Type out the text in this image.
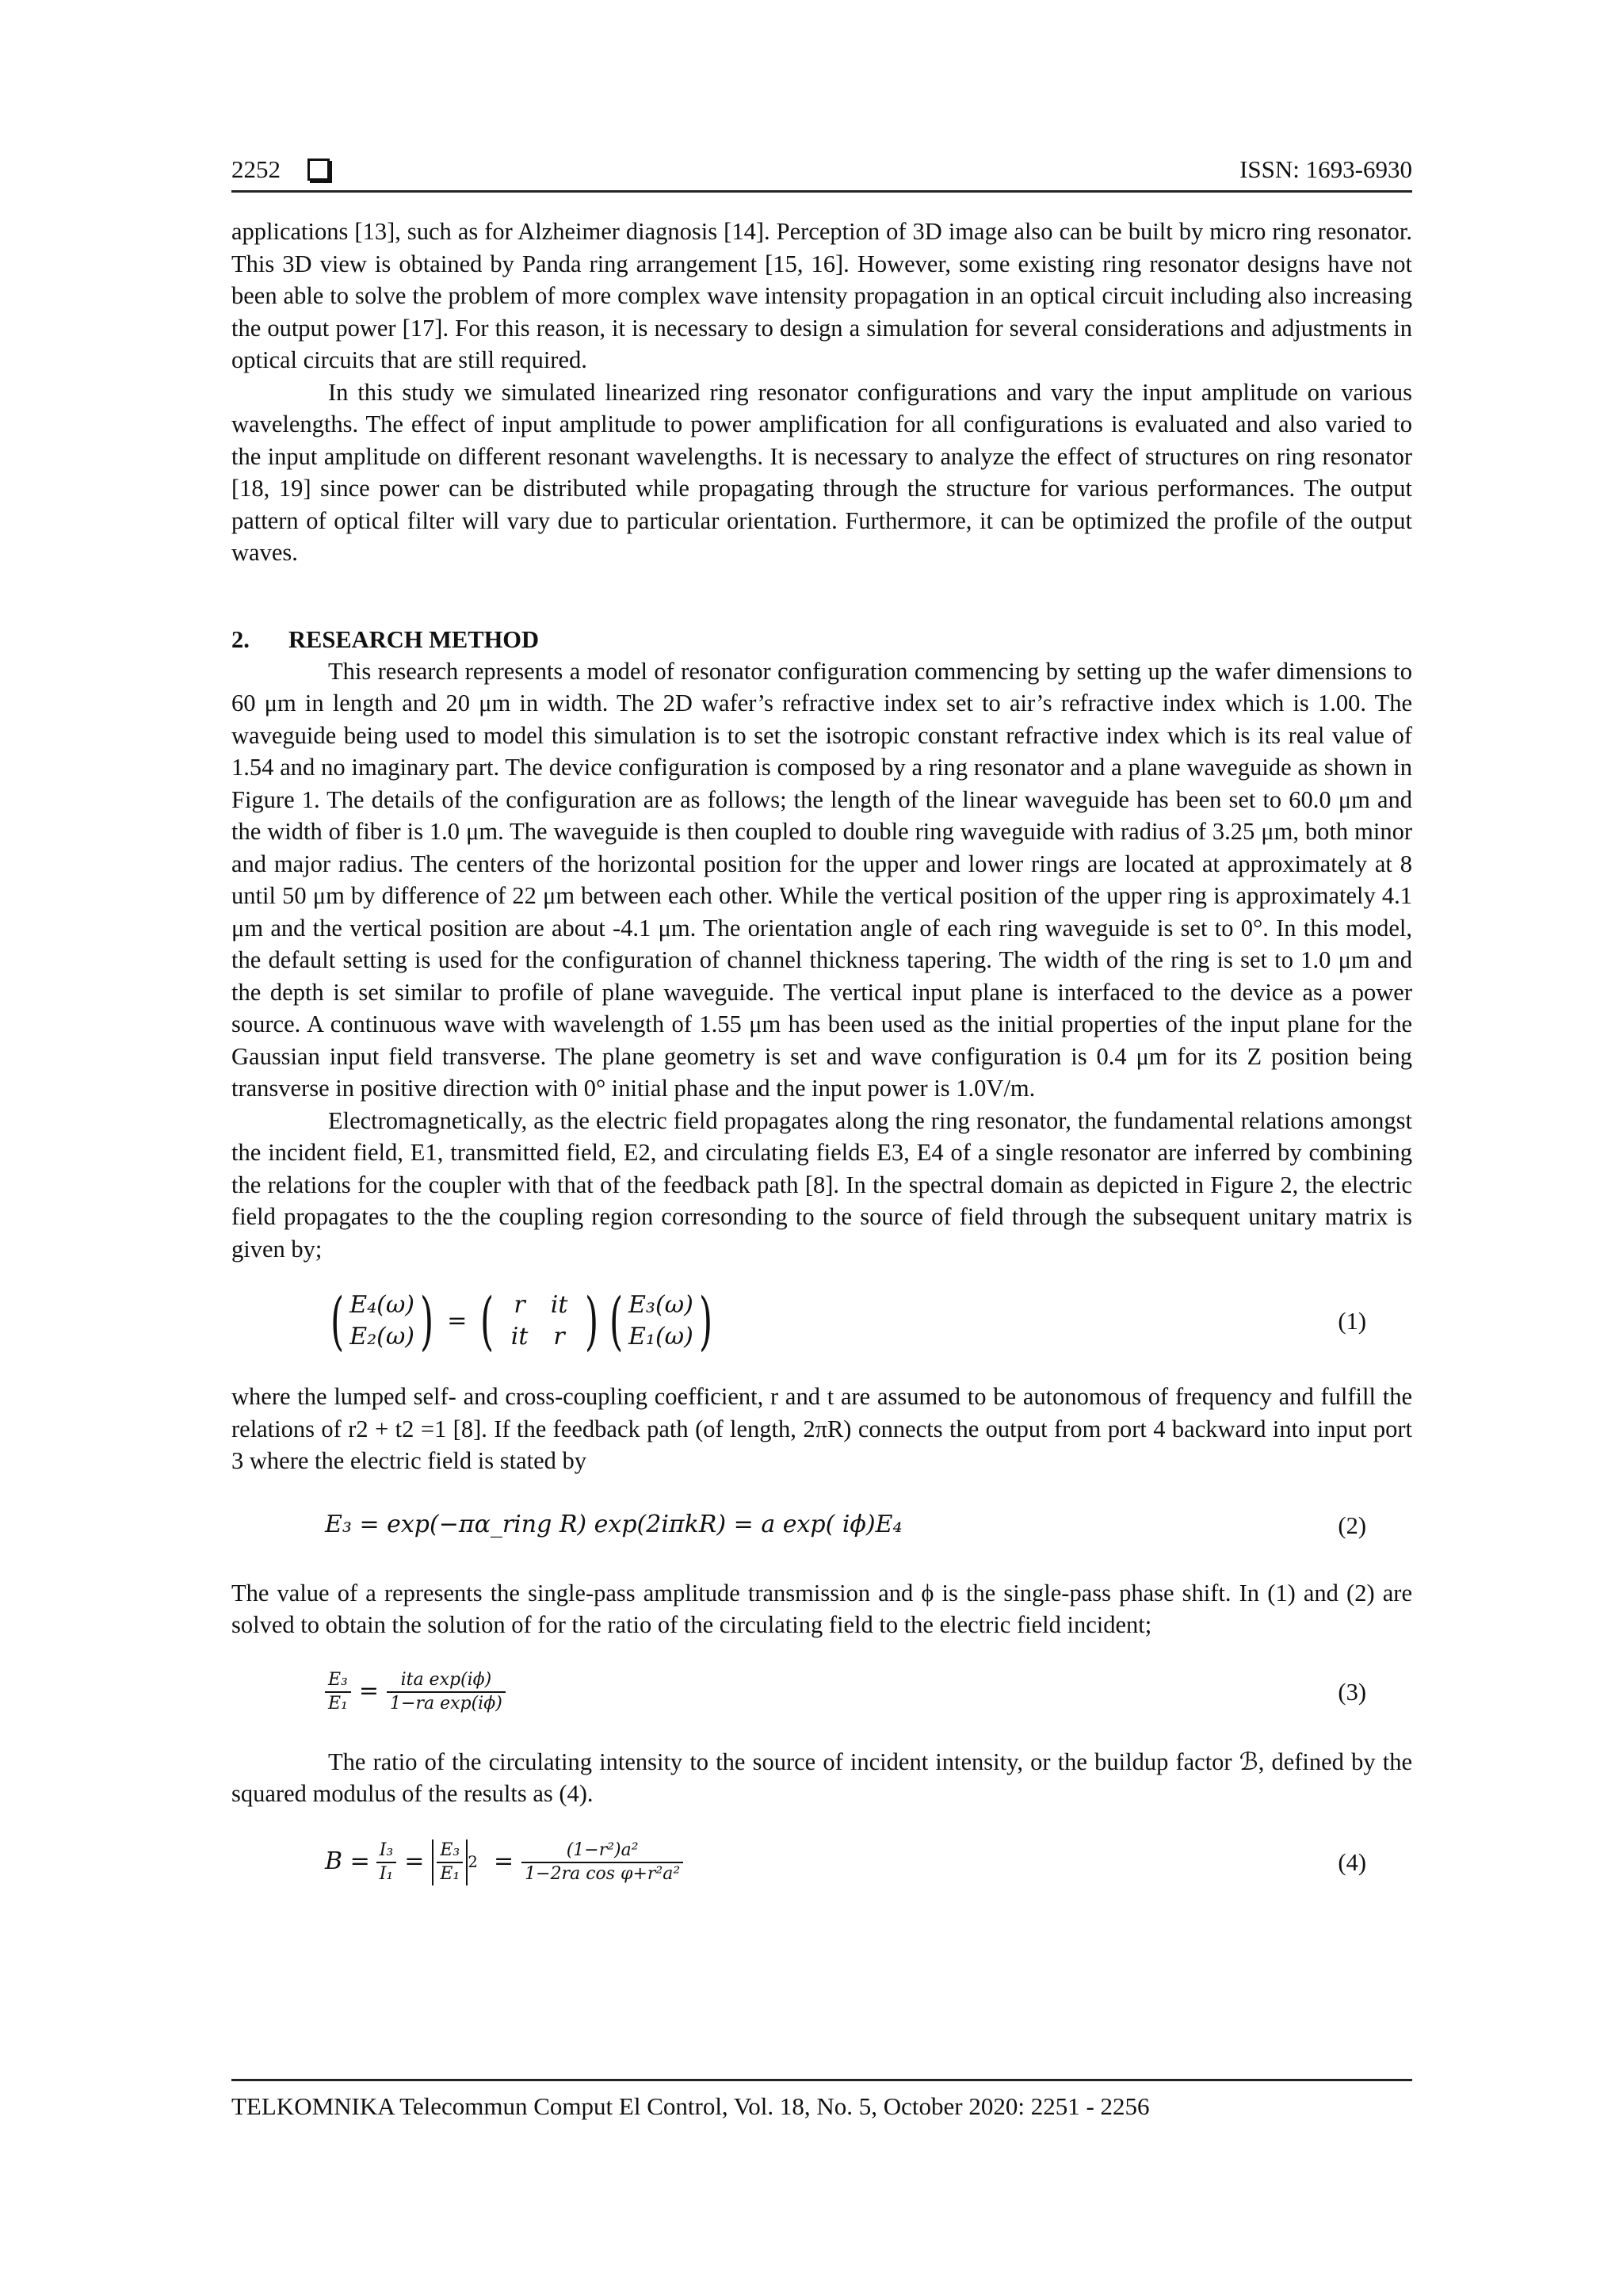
2252	ISSN: 1693-6930

applications [13], such as for Alzheimer diagnosis [14]. Perception of 3D image also can be built by micro ring resonator. This 3D view is obtained by Panda ring arrangement [15, 16]. However, some existing ring resonator designs have not been able to solve the problem of more complex wave intensity propagation in an optical circuit including also increasing the output power [17]. For this reason, it is necessary to design a simulation for several considerations and adjustments in optical circuits that are still required.

In this study we simulated linearized ring resonator configurations and vary the input amplitude on various wavelengths. The effect of input amplitude to power amplification for all configurations is evaluated and also varied to the input amplitude on different resonant wavelengths. It is necessary to analyze the effect of structures on ring resonator [18, 19] since power can be distributed while propagating through the structure for various performances. The output pattern of optical filter will vary due to particular orientation. Furthermore, it can be optimized the profile of the output waves.

2. RESEARCH METHOD

This research represents a model of resonator configuration commencing by setting up the wafer dimensions to 60 μm in length and 20 μm in width. The 2D wafer’s refractive index set to air’s refractive index which is 1.00. The waveguide being used to model this simulation is to set the isotropic constant refractive index which is its real value of 1.54 and no imaginary part. The device configuration is composed by a ring resonator and a plane waveguide as shown in Figure 1. The details of the configuration are as follows; the length of the linear waveguide has been set to 60.0 μm and the width of fiber is 1.0 μm. The waveguide is then coupled to double ring waveguide with radius of 3.25 μm, both minor and major radius. The centers of the horizontal position for the upper and lower rings are located at approximately at 8 until 50 μm by difference of 22 μm between each other. While the vertical position of the upper ring is approximately 4.1 μm and the vertical position are about -4.1 μm. The orientation angle of each ring waveguide is set to 0°. In this model, the default setting is used for the configuration of channel thickness tapering. The width of the ring is set to 1.0 μm and the depth is set similar to profile of plane waveguide. The vertical input plane is interfaced to the device as a power source. A continuous wave with wavelength of 1.55 μm has been used as the initial properties of the input plane for the Gaussian input field transverse. The plane geometry is set and wave configuration is 0.4 μm for its Z position being transverse in positive direction with 0° initial phase and the input power is 1.0V/m.

Electromagnetically, as the electric field propagates along the ring resonator, the fundamental relations amongst the incident field, E1, transmitted field, E2, and circulating fields E3, E4 of a single resonator are inferred by combining the relations for the coupler with that of the feedback path [8]. In the spectral domain as depicted in Figure 2, the electric field propagates to the the coupling region corresonding to the source of field through the subsequent unitary matrix is given by;

( E₄(ω)
E₂(ω) ) = ( r	it
it	r ) ( E₃(ω)
E₁(ω) )	(1)

where the lumped self- and cross-coupling coefficient, r and t are assumed to be autonomous of frequency and fulfill the relations of r2 + t2 =1 [8]. If the feedback path (of length, 2πR) connects the output from port 4 backward into input port 3 where the electric field is stated by

E₃ = exp(−πα_ring R) exp(2iπkR) = a exp( iϕ)E₄	(2)

The value of a represents the single-pass amplitude transmission and ϕ is the single-pass phase shift. In (1) and (2) are solved to obtain the solution of for the ratio of the circulating field to the electric field incident;

$\frac{\text{E₃}}{\text{E₁}} = \frac{\text{ita exp(iϕ)}}{\text{1−ra exp(iϕ)}}$	(3)

The ratio of the circulating intensity to the source of incident intensity, or the buildup factor ℬ, defined by the squared modulus of the results as (4).

$B = \frac{\text{I₃}}{\text{I₁}} = \frac{\text{E₃}}{\text{E₁}} 2 = \frac{\text{(1−r²)a²}}{\text{1−2ra cos φ+r²a²}}$	(4)
TELKOMNIKA Telecommun Comput El Control, Vol. 18, No. 5, October 2020: 2251 - 2256
